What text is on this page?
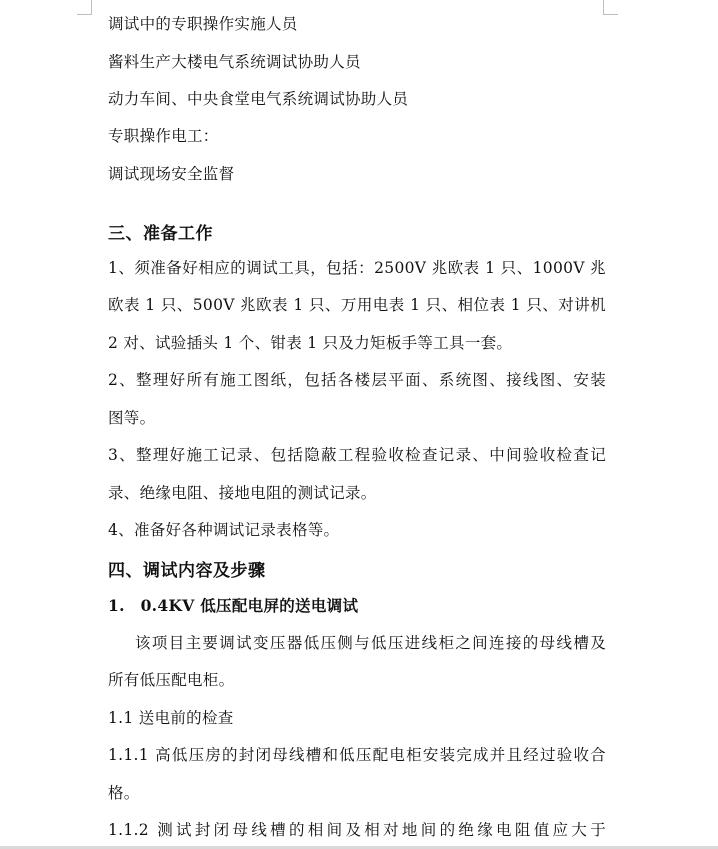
调试中的专职操作实施人员
酱料生产大楼电气系统调试协助人员
动力车间、中央食堂电气系统调试协助人员
专职操作电工：
调试现场安全监督
三、准备工作
1、须准备好相应的调试工具，包括：2500V 兆欧表 1 只、1000V 兆
欧表 1 只、500V 兆欧表 1 只、万用电表 1 只、相位表 1 只、对讲机
2 对、试验插头 1 个、钳表 1 只及力矩板手等工具一套。
2、整理好所有施工图纸，包括各楼层平面、系统图、接线图、安装
图等。
3、整理好施工记录、包括隐蔽工程验收检查记录、中间验收检查记
录、绝缘电阻、接地电阻的测试记录。
4、准备好各种调试记录表格等。
四、调试内容及步骤
1.　0.4KV 低压配电屏的送电调试
该项目主要调试变压器低压侧与低压进线柜之间连接的母线槽及
所有低压配电柜。
1.1 送电前的检查
1.1.1 高低压房的封闭母线槽和低压配电柜安装完成并且经过验收合
格。
1.1.2 测试封闭母线槽的相间及相对地间的绝缘电阻值应大于
